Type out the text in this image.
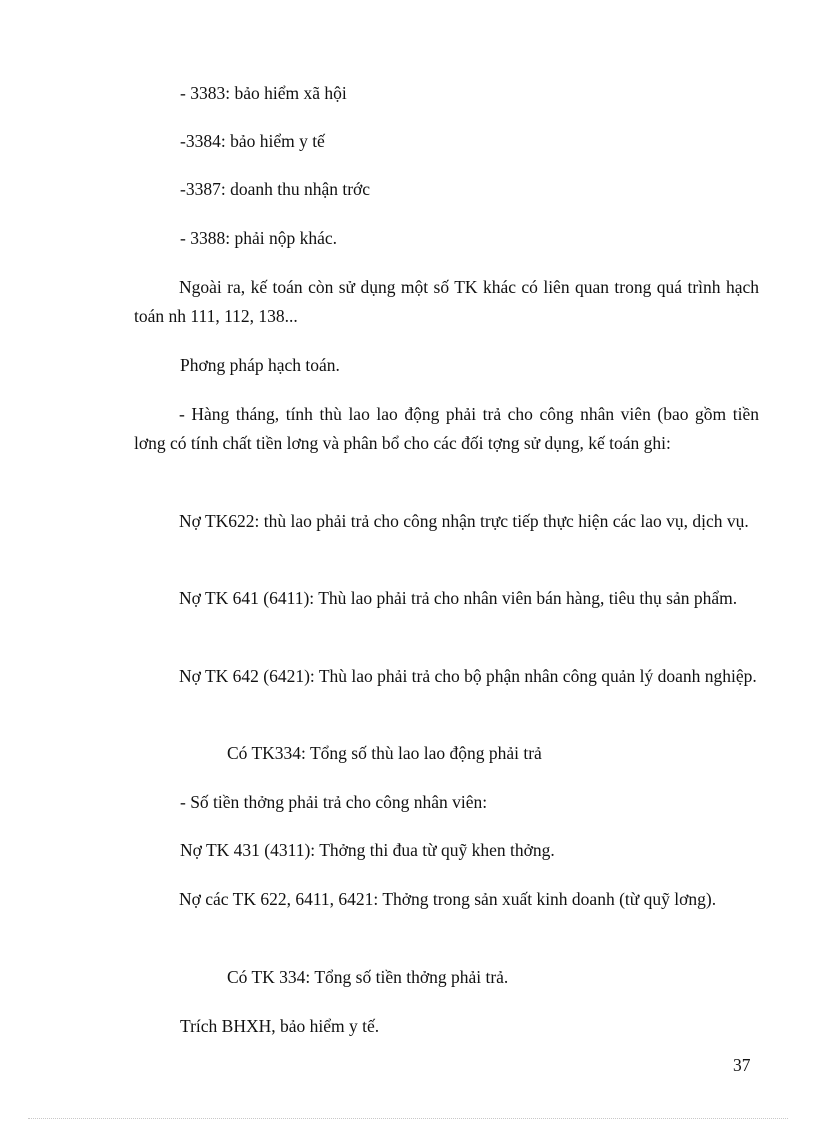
- 3383: bảo hiểm xã hội
-3384: bảo hiểm y tế
-3387: doanh thu nhận trớc
- 3388: phải nộp khác.
Ngoài ra, kế toán còn sử dụng một số TK khác có liên quan trong quá trình hạch toán nh 111, 112, 138...
Phơng pháp hạch toán.
- Hàng tháng, tính thù lao lao động phải trả cho công nhân viên (bao gồm tiền lơng có tính chất tiền lơng và phân bổ cho các đối tợng sử dụng, kế toán ghi:
Nợ TK622: thù lao phải trả cho công nhận trực tiếp thực hiện các lao vụ, dịch vụ.
Nợ TK 641 (6411): Thù lao phải trả cho nhân viên bán hàng, tiêu thụ sản phẩm.
Nợ TK 642 (6421): Thù lao phải trả cho bộ phận nhân công quản lý doanh nghiệp.
Có TK334: Tổng số thù lao lao động phải trả
- Số tiền thởng phải trả cho công nhân viên:
Nợ TK 431 (4311): Thởng thi đua từ quỹ khen thởng.
Nợ các TK 622, 6411, 6421: Thởng trong sản xuất kinh doanh (từ quỹ lơng).
Có TK 334: Tổng số tiền thởng phải trả.
Trích BHXH, bảo hiểm y tế.
37
